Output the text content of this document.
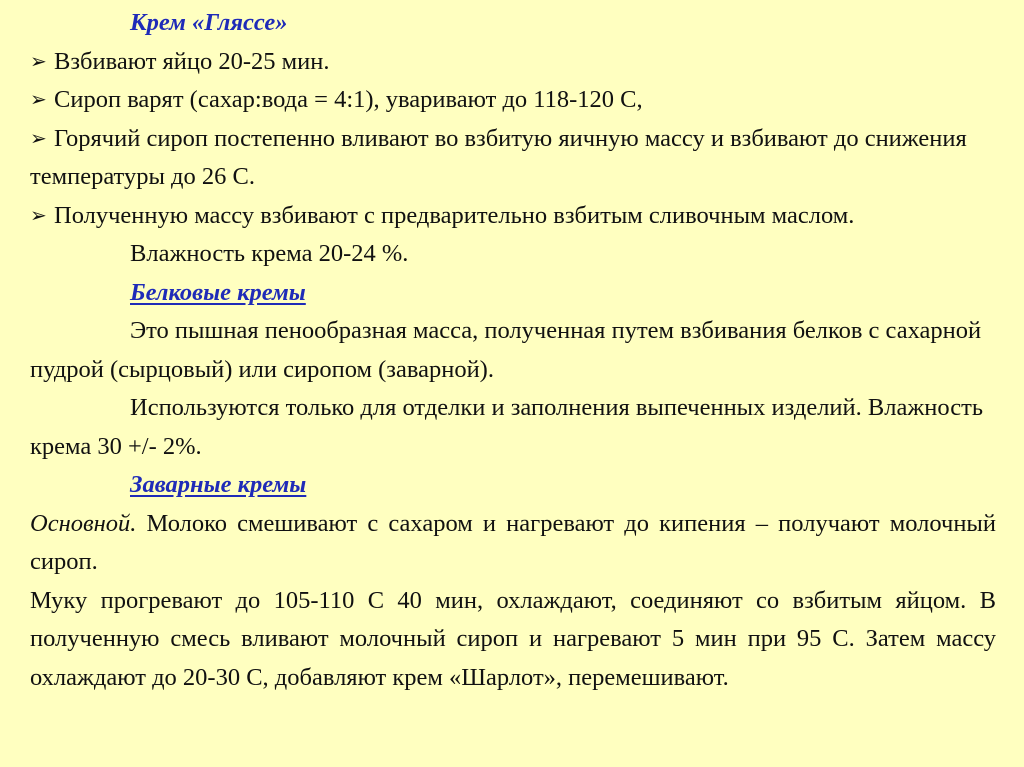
Крем «Гляссе»
➢ Взбивают яйцо 20-25 мин.
➢ Сироп варят (сахар:вода = 4:1), уваривают до 118-120 С,
➢ Горячий сироп постепенно вливают во взбитую яичную массу и взбивают до снижения температуры до 26 С.
➢ Полученную массу взбивают с предварительно взбитым сливочным маслом.
Влажность крема 20-24 %.
Белковые кремы
Это пышная пенообразная масса, полученная путем взбивания белков с сахарной пудрой (сырцовый) или сиропом (заварной).
Используются только для отделки и заполнения выпеченных изделий. Влажность крема 30 +/- 2%.
Заварные кремы
Основной. Молоко смешивают с сахаром и нагревают до кипения – получают молочный сироп.
Муку прогревают до 105-110 С 40 мин, охлаждают, соединяют со взбитым яйцом. В полученную смесь вливают молочный сироп и нагревают 5 мин при 95 С. Затем массу охлаждают до 20-30 С, добавляют крем «Шарлот», перемешивают.
